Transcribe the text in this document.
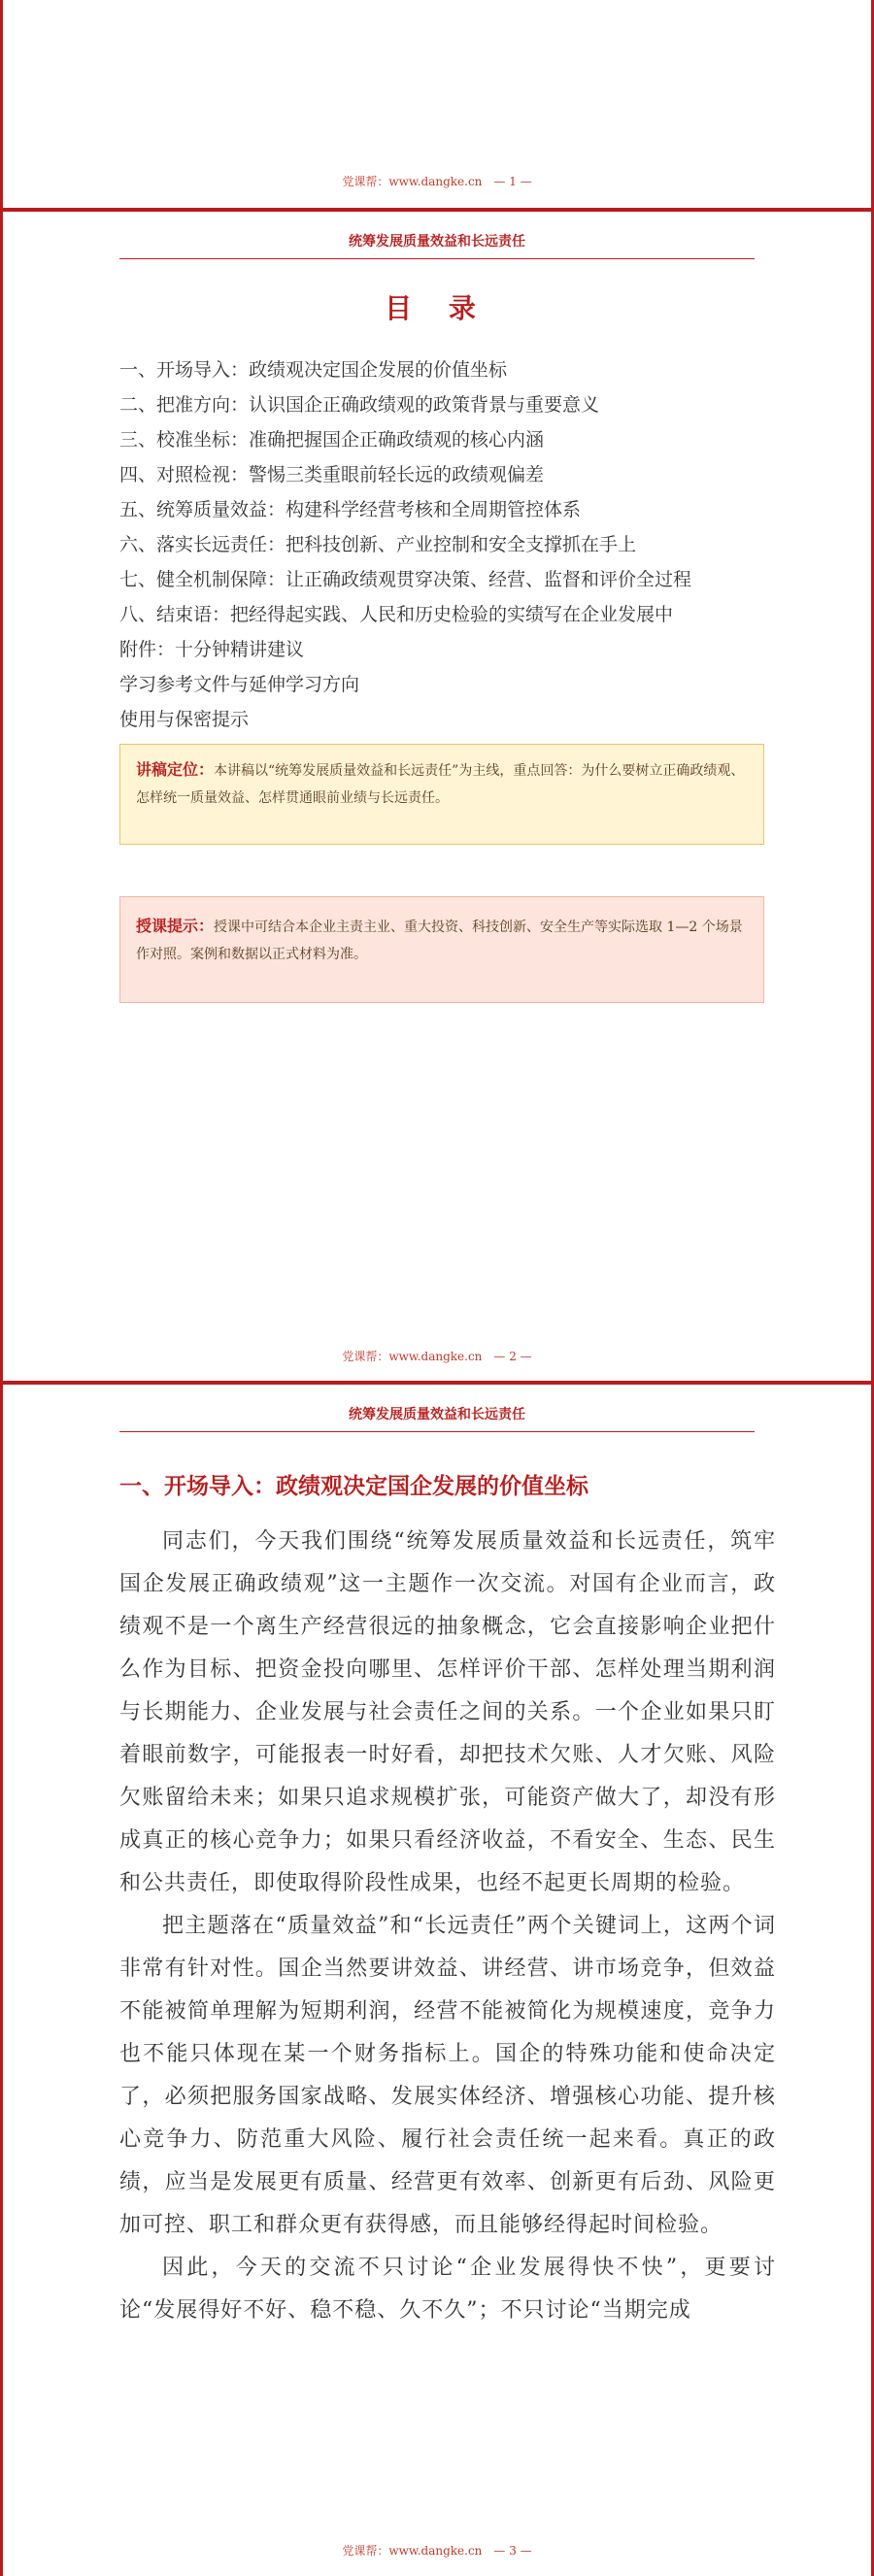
党课帮：www.dangke.cn — 1 —
统筹发展质量效益和长远责任
目 录
一、开场导入：政绩观决定国企发展的价值坐标
二、把准方向：认识国企正确政绩观的政策背景与重要意义
三、校准坐标：准确把握国企正确政绩观的核心内涵
四、对照检视：警惕三类重眼前轻长远的政绩观偏差
五、统筹质量效益：构建科学经营考核和全周期管控体系
六、落实长远责任：把科技创新、产业控制和安全支撑抓在手上
七、健全机制保障：让正确政绩观贯穿决策、经营、监督和评价全过程
八、结束语：把经得起实践、人民和历史检验的实绩写在企业发展中
附件：十分钟精讲建议
学习参考文件与延伸学习方向
使用与保密提示
讲稿定位：本讲稿以“统筹发展质量效益和长远责任”为主线，重点回答：为什么要树立正确政绩观、怎样统一质量效益、怎样贯通眼前业绩与长远责任。
授课提示：授课中可结合本企业主责主业、重大投资、科技创新、安全生产等实际选取 1—2 个场景作对照。案例和数据以正式材料为准。
党课帮：www.dangke.cn — 2 —
统筹发展质量效益和长远责任
一、开场导入：政绩观决定国企发展的价值坐标

同志们，今天我们围绕“统筹发展质量效益和长远责任，筑牢国企发展正确政绩观”这一主题作一次交流。对国有企业而言，政绩观不是一个离生产经营很远的抽象概念，它会直接影响企业把什么作为目标、把资金投向哪里、怎样评价干部、怎样处理当期利润与长期能力、企业发展与社会责任之间的关系。一个企业如果只盯着眼前数字，可能报表一时好看，却把技术欠账、人才欠账、风险欠账留给未来；如果只追求规模扩张，可能资产做大了，却没有形成真正的核心竞争力；如果只看经济收益，不看安全、生态、民生和公共责任，即使取得阶段性成果，也经不起更长周期的检验。

把主题落在“质量效益”和“长远责任”两个关键词上，这两个词非常有针对性。国企当然要讲效益、讲经营、讲市场竞争，但效益不能被简单理解为短期利润，经营不能被简化为规模速度，竞争力也不能只体现在某一个财务指标上。国企的特殊功能和使命决定了，必须把服务国家战略、发展实体经济、增强核心功能、提升核心竞争力、防范重大风险、履行社会责任统一起来看。真正的政绩，应当是发展更有质量、经营更有效率、创新更有后劲、风险更加可控、职工和群众更有获得感，而且能够经得起时间检验。

因此，今天的交流不只讨论“企业发展得快不快”，更要讨论“发展得好不好、稳不稳、久不久”；不只讨论“当期完成

党课帮：www.dangke.cn — 3 —
